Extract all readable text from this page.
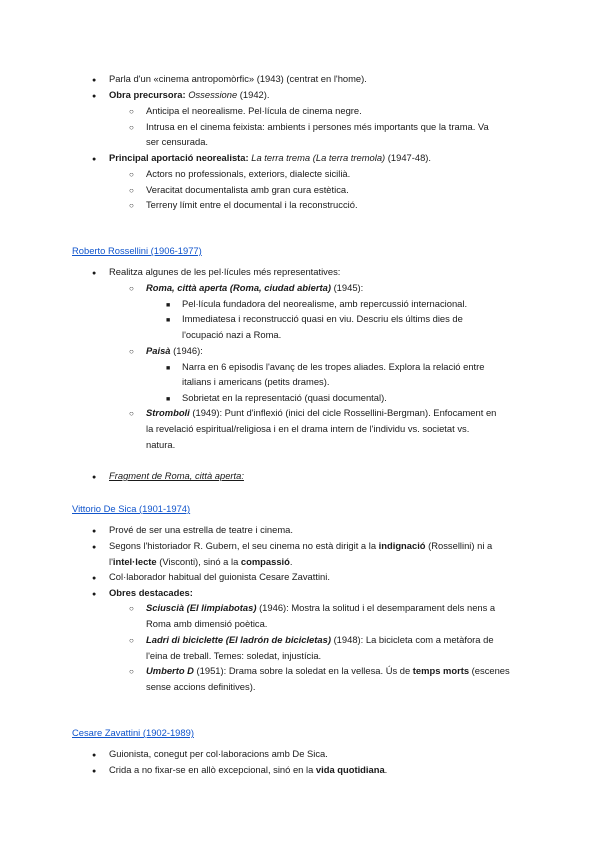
●
Parla d'un «cinema antropomòrfic» (1943) (centrat en l'home).
●
Obra precursora: Ossessione (1942).
○
Anticipa el neorealisme. Pel·lícula de cinema negre.
○
Intrusa en el cinema feixista: ambients i persones més importants que la trama. Va
ser censurada.
●
Principal aportació neorealista: La terra trema (La terra tremola) (1947-48).
○
Actors no professionals, exteriors, dialecte sicilià.
○
Veracitat documentalista amb gran cura estètica.
○
Terreny límit entre el documental i la reconstrucció.
Roberto Rossellini (1906-1977)
●
Realitza algunes de les pel·lícules més representatives:
○
Roma, città aperta (Roma, ciudad abierta) (1945):
■
Pel·lícula fundadora del neorealisme, amb repercussió internacional.
■
Immediatesa i reconstrucció quasi en viu. Descriu els últims dies de
l'ocupació nazi a Roma.
○
Paisà (1946):
■
Narra en 6 episodis l'avanç de les tropes aliades. Explora la relació entre
italians i americans (petits drames).
■
Sobrietat en la representació (quasi documental).
○
Stromboli (1949): Punt d'inflexió (inici del cicle Rossellini-Bergman). Enfocament en
la revelació espiritual/religiosa i en el drama intern de l'individu vs. societat vs.
natura.
●
Fragment de Roma, città aperta:
Vittorio De Sica (1901-1974)
●
Prové de ser una estrella de teatre i cinema.
●
Segons l'historiador R. Gubern, el seu cinema no està dirigit a la indignació (Rossellini) ni a
l'intel·lecte (Visconti), sinó a la compassió.
●
Col·laborador habitual del guionista Cesare Zavattini.
●
Obres destacades:
○
Sciuscià (El limpiabotas) (1946): Mostra la solitud i el desemparament dels nens a
Roma amb dimensió poètica.
○
Ladri di biciclette (El ladrón de bicicletas) (1948): La bicicleta com a metàfora de
l'eina de treball. Temes: soledat, injustícia.
○
Umberto D (1951): Drama sobre la soledat en la vellesa. Ús de temps morts (escenes
sense accions definitives).
Cesare Zavattini (1902-1989)
●
Guionista, conegut per col·laboracions amb De Sica.
●
Crida a no fixar-se en allò excepcional, sinó en la vida quotidiana.
